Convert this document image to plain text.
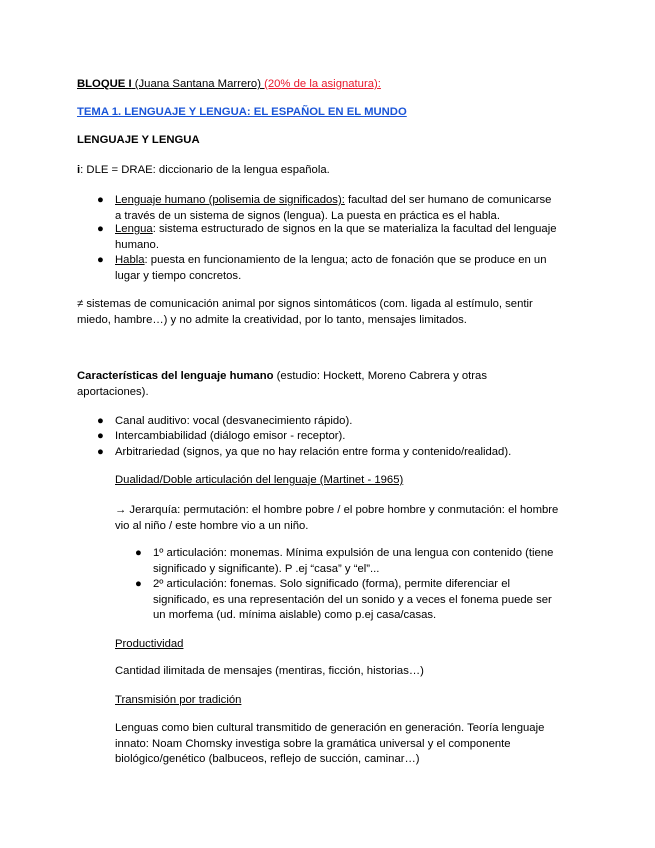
BLOQUE I (Juana Santana Marrero) (20% de la asignatura):

TEMA 1. LENGUAJE Y LENGUA: EL ESPAÑOL EN EL MUNDO

LENGUAJE Y LENGUA

i: DLE = DRAE: diccionario de la lengua española.

● Lenguaje humano (polisemia de significados): facultad del ser humano de comunicarse
a través de un sistema de signos (lengua). La puesta en práctica es el habla.
● Lengua: sistema estructurado de signos en la que se materializa la facultad del lenguaje
humano.
● Habla: puesta en funcionamiento de la lengua; acto de fonación que se produce en un
lugar y tiempo concretos.
≠ sistemas de comunicación animal por signos sintomáticos (com. ligada al estímulo, sentir
miedo, hambre…) y no admite la creatividad, por lo tanto, mensajes limitados.
Características del lenguaje humano (estudio: Hockett, Moreno Cabrera y otras
aportaciones).
● Canal auditivo: vocal (desvanecimiento rápido).
● Intercambiabilidad (diálogo emisor - receptor).
● Arbitrariedad (signos, ya que no hay relación entre forma y contenido/realidad).

Dualidad/Doble articulación del lenguaje (Martinet - 1965)

→ Jerarquía: permutación: el hombre pobre / el pobre hombre y conmutación: el hombre
vio al niño / este hombre vio a un niño.
● 1º articulación: monemas. Mínima expulsión de una lengua con contenido (tiene
significado y significante). P .ej “casa” y “el”...
● 2º articulación: fonemas. Solo significado (forma), permite diferenciar el
significado, es una representación del un sonido y a veces el fonema puede ser
un morfema (ud. mínima aislable) como p.ej casa/casas.

Productividad

Cantidad ilimitada de mensajes (mentiras, ficción, historias…)

Transmisión por tradición

Lenguas como bien cultural transmitido de generación en generación. Teoría lenguaje
innato: Noam Chomsky investiga sobre la gramática universal y el componente
biológico/genético (balbuceos, reflejo de succión, caminar…)
